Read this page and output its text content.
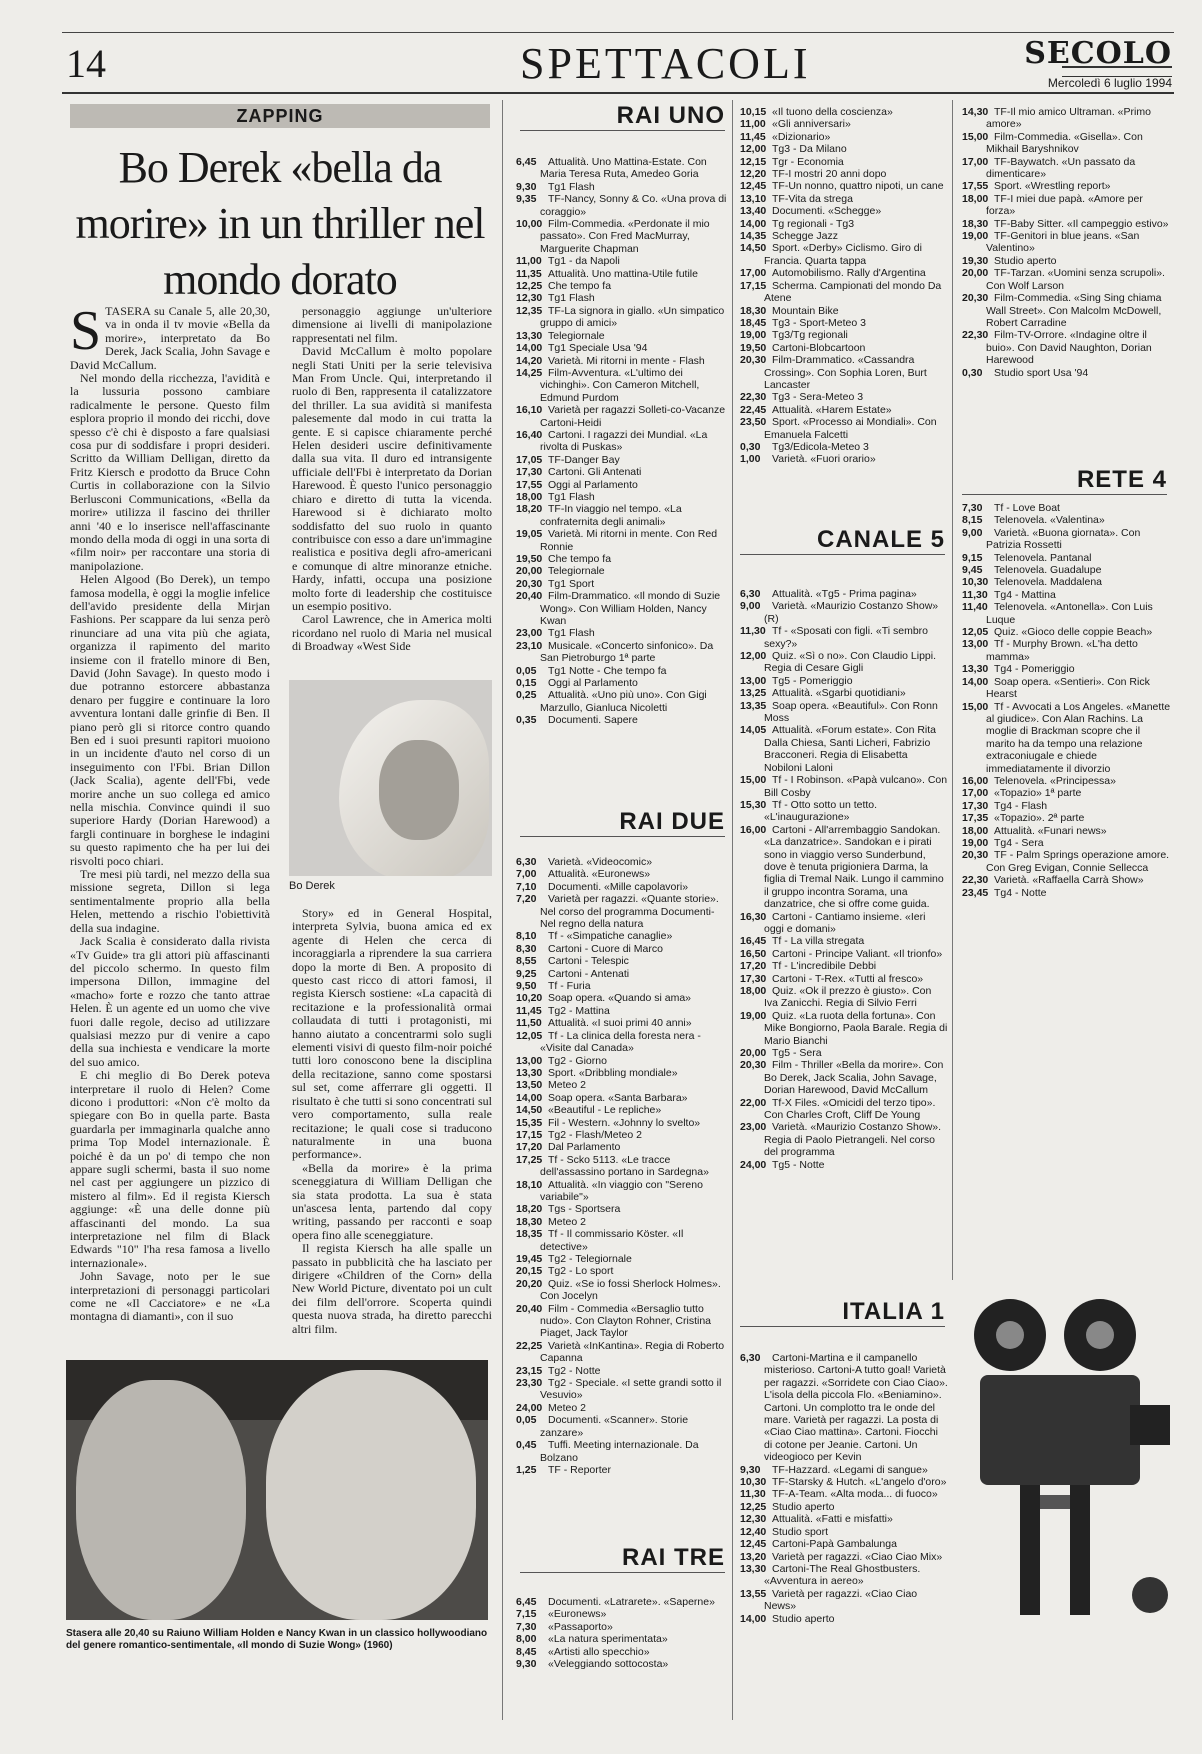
14	SPETTACOLI	SECOLO
Mercoledì 6 luglio 1994
ZAPPING
Bo Derek «bella da morire» in un thriller nel mondo dorato

STASERA su Canale 5, alle 20,30, va in onda il tv movie «Bella da morire», interpretato da Bo Derek, Jack Scalia, John Savage e David McCallum.

Nel mondo della ricchezza, l'avidità e la lussuria possono cambiare radicalmente le persone. Questo film esplora proprio il mondo dei ricchi, dove spesso c'è chi è disposto a fare qualsiasi cosa pur di soddisfare i propri desideri. Scritto da William Delligan, diretto da Fritz Kiersch e prodotto da Bruce Cohn Curtis in collaborazione con la Silvio Berlusconi Communications, «Bella da morire» utilizza il fascino dei thriller anni '40 e lo inserisce nell'affascinante mondo della moda di oggi in una sorta di «film noir» per raccontare una storia di manipolazione.

Helen Algood (Bo Derek), un tempo famosa modella, è oggi la moglie infelice dell'avido presidente della Mirjan Fashions. Per scappare da lui senza però rinunciare ad una vita più che agiata, organizza il rapimento del marito insieme con il fratello minore di Ben, David (John Savage). In questo modo i due potranno estorcere abbastanza denaro per fuggire e continuare la loro avventura lontani dalle grinfie di Ben. Il piano però gli si ritorce contro quando Ben ed i suoi presunti rapitori muoiono in un incidente d'auto nel corso di un inseguimento con l'Fbi. Brian Dillon (Jack Scalia), agente dell'Fbi, vede morire anche un suo collega ed amico nella mischia. Convince quindi il suo superiore Hardy (Dorian Harewood) a fargli continuare in borghese le indagini su questo rapimento che ha per lui dei risvolti poco chiari.

Tre mesi più tardi, nel mezzo della sua missione segreta, Dillon si lega sentimentalmente proprio alla bella Helen, mettendo a rischio l'obiettività della sua indagine.

Jack Scalia è considerato dalla rivista «Tv Guide» tra gli attori più affascinanti del piccolo schermo. In questo film impersona Dillon, immagine del «macho» forte e rozzo che tanto attrae Helen. È un agente ed un uomo che vive fuori dalle regole, deciso ad utilizzare qualsiasi mezzo pur di venire a capo della sua inchiesta e vendicare la morte del suo amico.

E chi meglio di Bo Derek poteva interpretare il ruolo di Helen? Come dicono i produttori: «Non c'è molto da spiegare con Bo in quella parte. Basta guardarla per immaginarla qualche anno prima Top Model internazionale. È poiché è da un po' di tempo che non appare sugli schermi, basta il suo nome nel cast per aggiungere un pizzico di mistero al film». Ed il regista Kiersch aggiunge: «È una delle donne più affascinanti del mondo. La sua interpretazione nel film di Black Edwards "10" l'ha resa famosa a livello internazionale».

John Savage, noto per le sue interpretazioni di personaggi particolari come ne «Il Cacciatore» e ne «La montagna di diamanti», con il suo

personaggio aggiunge un'ulteriore dimensione ai livelli di manipolazione rappresentati nel film.

David McCallum è molto popolare negli Stati Uniti per la serie televisiva Man From Uncle. Qui, interpretando il ruolo di Ben, rappresenta il catalizzatore del thriller. La sua avidità si manifesta palesemente dal modo in cui tratta la gente. E si capisce chiaramente perché Helen desideri uscire definitivamente dalla sua vita. Il duro ed intransigente ufficiale dell'Fbi è interpretato da Dorian Harewood. È questo l'unico personaggio chiaro e diretto di tutta la vicenda. Harewood si è dichiarato molto soddisfatto del suo ruolo in quanto contribuisce con esso a dare un'immagine realistica e positiva degli afro-americani e comunque di altre minoranze etniche. Hardy, infatti, occupa una posizione molto forte di leadership che costituisce un esempio positivo.

Carol Lawrence, che in America molti ricordano nel ruolo di Maria nel musical di Broadway «West Side

Bo Derek

Story» ed in General Hospital, interpreta Sylvia, buona amica ed ex agente di Helen che cerca di incoraggiarla a riprendere la sua carriera dopo la morte di Ben. A proposito di questo cast ricco di attori famosi, il regista Kiersch sostiene: «La capacità di recitazione e la professionalità ormai collaudata di tutti i protagonisti, mi hanno aiutato a concentrarmi solo sugli elementi visivi di questo film-noir poiché tutti loro conoscono bene la disciplina della recitazione, sanno come spostarsi sul set, come afferrare gli oggetti. Il risultato è che tutti si sono concentrati sul vero comportamento, sulla reale recitazione; le quali cose si traducono naturalmente in una buona performance».

«Bella da morire» è la prima sceneggiatura di William Delligan che sia stata prodotta. La sua è stata un'ascesa lenta, partendo dal copy writing, passando per racconti e soap opera fino alle sceneggiature.

Il regista Kiersch ha alle spalle un passato in pubblicità che ha lasciato per dirigere «Children of the Corn» della New World Picture, diventato poi un cult dei film dell'orrore. Scoperta quindi questa nuova strada, ha diretto parecchi altri film.

Stasera alle 20,40 su Raiuno William Holden e Nancy Kwan in un classico hollywoodiano del genere romantico-sentimentale, «Il mondo di Suzie Wong» (1960)
RAI UNO
6,45 Attualità. Uno Mattina-Estate. Con Maria Teresa Ruta, Amedeo Goria
9,30 Tg1 Flash
9,35 TF-Nancy, Sonny & Co. «Una prova di coraggio»
10,00 Film-Commedia. «Perdonate il mio passato». Con Fred MacMurray, Marguerite Chapman
11,00 Tg1 - da Napoli
11,35 Attualità. Uno mattina-Utile futile
12,25 Che tempo fa
12,30 Tg1 Flash
12,35 TF-La signora in giallo. «Un simpatico gruppo di amici»
13,30 Telegiornale
14,00 Tg1 Speciale Usa '94
14,20 Varietà. Mi ritorni in mente - Flash
14,25 Film-Avventura. «L'ultimo dei vichinghi». Con Cameron Mitchell, Edmund Purdom
16,10 Varietà per ragazzi Solleti-co-Vacanze Cartoni-Heidi
16,40 Cartoni. I ragazzi dei Mundial. «La rivolta di Puskas»
17,05 TF-Danger Bay
17,30 Cartoni. Gli Antenati
17,55 Oggi al Parlamento
18,00 Tg1 Flash
18,20 TF-In viaggio nel tempo. «La confraternita degli animali»
19,05 Varietà. Mi ritorni in mente. Con Red Ronnie
19,50 Che tempo fa
20,00 Telegiornale
20,30 Tg1 Sport
20,40 Film-Drammatico. «Il mondo di Suzie Wong». Con William Holden, Nancy Kwan
23,00 Tg1 Flash
23,10 Musicale. «Concerto sinfonico». Da San Pietroburgo 1ª parte
0,05 Tg1 Notte - Che tempo fa
0,15 Oggi al Parlamento
0,25 Attualità. «Uno più uno». Con Gigi Marzullo, Gianluca Nicoletti
0,35 Documenti. Sapere
RAI DUE
6,30 Varietà. «Videocomic»
7,00 Attualità. «Euronews»
7,10 Documenti. «Mille capolavori»
7,20 Varietà per ragazzi. «Quante storie». Nel corso del programma Documenti-Nel regno della natura
8,10 Tf - «Simpatiche canaglie»
8,30 Cartoni - Cuore di Marco
8,55 Cartoni - Telespic
9,25 Cartoni - Antenati
9,50 Tf - Furia
10,20 Soap opera. «Quando si ama»
11,45 Tg2 - Mattina
11,50 Attualità. «I suoi primi 40 anni»
12,05 Tf - La clinica della foresta nera - «Visite dal Canada»
13,00 Tg2 - Giorno
13,30 Sport. «Dribbling mondiale»
13,50 Meteo 2
14,00 Soap opera. «Santa Barbara»
14,50 «Beautiful - Le repliche»
15,35 Fil - Western. «Johnny lo svelto»
17,15 Tg2 - Flash/Meteo 2
17,20 Dal Parlamento
17,25 Tf - Scko 5113. «Le tracce dell'assassino portano in Sardegna»
18,10 Attualità. «In viaggio con "Sereno variabile"»
18,20 Tgs - Sportsera
18,30 Meteo 2
18,35 Tf - Il commissario Köster. «Il detective»
19,45 Tg2 - Telegiornale
20,15 Tg2 - Lo sport
20,20 Quiz. «Se io fossi Sherlock Holmes». Con Jocelyn
20,40 Film - Commedia «Bersaglio tutto nudo». Con Clayton Rohner, Cristina Piaget, Jack Taylor
22,25 Varietà «InKantina». Regia di Roberto Capanna
23,15 Tg2 - Notte
23,30 Tg2 - Speciale. «I sette grandi sotto il Vesuvio»
24,00 Meteo 2
0,05 Documenti. «Scanner». Storie zanzare»
0,45 Tuffi. Meeting internazionale. Da Bolzano
1,25 TF - Reporter
RAI TRE
6,45 Documenti. «Latrarete». «Saperne»
7,15 «Euronews»
7,30 «Passaporto»
8,00 «La natura sperimentata»
8,45 «Artisti allo specchio»
9,30 «Veleggiando sottocosta»
10,15 «Il tuono della coscienza»
11,00 «Gli anniversari»
11,45 «Dizionario»
12,00 Tg3 - Da Milano
12,15 Tgr - Economia
12,20 TF-I mostri 20 anni dopo
12,45 TF-Un nonno, quattro nipoti, un cane
13,10 TF-Vita da strega
13,40 Documenti. «Schegge»
14,00 Tg regionali - Tg3
14,35 Schegge Jazz
14,50 Sport. «Derby» Ciclismo. Giro di Francia. Quarta tappa
17,00 Automobilismo. Rally d'Argentina
17,15 Scherma. Campionati del mondo Da Atene
18,30 Mountain Bike
18,45 Tg3 - Sport-Meteo 3
19,00 Tg3/Tg regionali
19,50 Cartoni-Blobcartoon
20,30 Film-Drammatico. «Cassandra Crossing». Con Sophia Loren, Burt Lancaster
22,30 Tg3 - Sera-Meteo 3
22,45 Attualità. «Harem Estate»
23,50 Sport. «Processo ai Mondiali». Con Emanuela Falcetti
0,30 Tg3/Edicola-Meteo 3
1,00 Varietà. «Fuori orario»
CANALE 5
6,30 Attualità. «Tg5 - Prima pagina»
9,00 Varietà. «Maurizio Costanzo Show» (R)
11,30 Tf - «Sposati con figli. «Ti sembro sexy?»
12,00 Quiz. «Sì o no». Con Claudio Lippi. Regia di Cesare Gigli
13,00 Tg5 - Pomeriggio
13,25 Attualità. «Sgarbi quotidiani»
13,35 Soap opera. «Beautiful». Con Ronn Moss
14,05 Attualità. «Forum estate». Con Rita Dalla Chiesa, Santi Licheri, Fabrizio Bracconeri. Regia di Elisabetta Nobiloni Laloni
15,00 Tf - I Robinson. «Papà vulcano». Con Bill Cosby
15,30 Tf - Otto sotto un tetto. «L'inaugurazione»
16,00 Cartoni - All'arrembaggio Sandokan. «La danzatrice». Sandokan e i pirati sono in viaggio verso Sunderbund, dove è tenuta prigioniera Darma, la figlia di Tremal Naik. Lungo il cammino il gruppo incontra Sorama, una danzatrice, che si offre come guida.
16,30 Cartoni - Cantiamo insieme. «Ieri oggi e domani»
16,45 Tf - La villa stregata
16,50 Cartoni - Principe Valiant. «Il trionfo»
17,20 Tf - L'incredibile Debbi
17,30 Cartoni - T-Rex. «Tutti al fresco»
18,00 Quiz. «Ok il prezzo è giusto». Con Iva Zanicchi. Regia di Silvio Ferri
19,00 Quiz. «La ruota della fortuna». Con Mike Bongiorno, Paola Barale. Regia di Mario Bianchi
20,00 Tg5 - Sera
20,30 Film - Thriller «Bella da morire». Con Bo Derek, Jack Scalia, John Savage, Dorian Harewood, David McCallum
22,00 Tf-X Files. «Omicidi del terzo tipo». Con Charles Croft, Cliff De Young
23,00 Varietà. «Maurizio Costanzo Show». Regia di Paolo Pietrangeli. Nel corso del programma
24,00 Tg5 - Notte
ITALIA 1
6,30 Cartoni-Martina e il campanello misterioso. Cartoni-A tutto goal! Varietà per ragazzi. «Sorridete con Ciao Ciao». L'isola della piccola Flo. «Beniamino». Cartoni. Un complotto tra le onde del mare. Varietà per ragazzi. La posta di «Ciao Ciao mattina». Cartoni. Fiocchi di cotone per Jeanie. Cartoni. Un videogioco per Kevin
9,30 TF-Hazzard. «Legami di sangue»
10,30 TF-Starsky & Hutch. «L'angelo d'oro»
11,30 TF-A-Team. «Alta moda... di fuoco»
12,25 Studio aperto
12,30 Attualità. «Fatti e misfatti»
12,40 Studio sport
12,45 Cartoni-Papà Gambalunga
13,20 Varietà per ragazzi. «Ciao Ciao Mix»
13,30 Cartoni-The Real Ghostbusters. «Avventura in aereo»
13,55 Varietà per ragazzi. «Ciao Ciao News»
14,00 Studio aperto
14,30 TF-Il mio amico Ultraman. «Primo amore»
15,00 Film-Commedia. «Gisella». Con Mikhail Baryshnikov
17,00 TF-Baywatch. «Un passato da dimenticare»
17,55 Sport. «Wrestling report»
18,00 TF-I miei due papà. «Amore per forza»
18,30 TF-Baby Sitter. «Il campeggio estivo»
19,00 TF-Genitori in blue jeans. «San Valentino»
19,30 Studio aperto
20,00 TF-Tarzan. «Uomini senza scrupoli». Con Wolf Larson
20,30 Film-Commedia. «Sing Sing chiama Wall Street». Con Malcolm McDowell, Robert Carradine
22,30 Film-TV-Orrore. «Indagine oltre il buio». Con David Naughton, Dorian Harewood
0,30 Studio sport Usa '94
RETE 4
7,30 Tf - Love Boat
8,15 Telenovela. «Valentina»
9,00 Varietà. «Buona giornata». Con Patrizia Rossetti
9,15 Telenovela. Pantanal
9,45 Telenovela. Guadalupe
10,30 Telenovela. Maddalena
11,30 Tg4 - Mattina
11,40 Telenovela. «Antonella». Con Luis Luque
12,05 Quiz. «Gioco delle coppie Beach»
13,00 Tf - Murphy Brown. «L'ha detto mamma»
13,30 Tg4 - Pomeriggio
14,00 Soap opera. «Sentieri». Con Rick Hearst
15,00 Tf - Avvocati a Los Angeles. «Manette al giudice». Con Alan Rachins. La moglie di Brackman scopre che il marito ha da tempo una relazione extraconiugale e chiede immediatamente il divorzio
16,00 Telenovela. «Principessa»
17,00 «Topazio» 1ª parte
17,30 Tg4 - Flash
17,35 «Topazio». 2ª parte
18,00 Attualità. «Funari news»
19,00 Tg4 - Sera
20,30 TF - Palm Springs operazione amore. Con Greg Evigan, Connie Sellecca
22,30 Varietà. «Raffaella Carrà Show»
23,45 Tg4 - Notte
